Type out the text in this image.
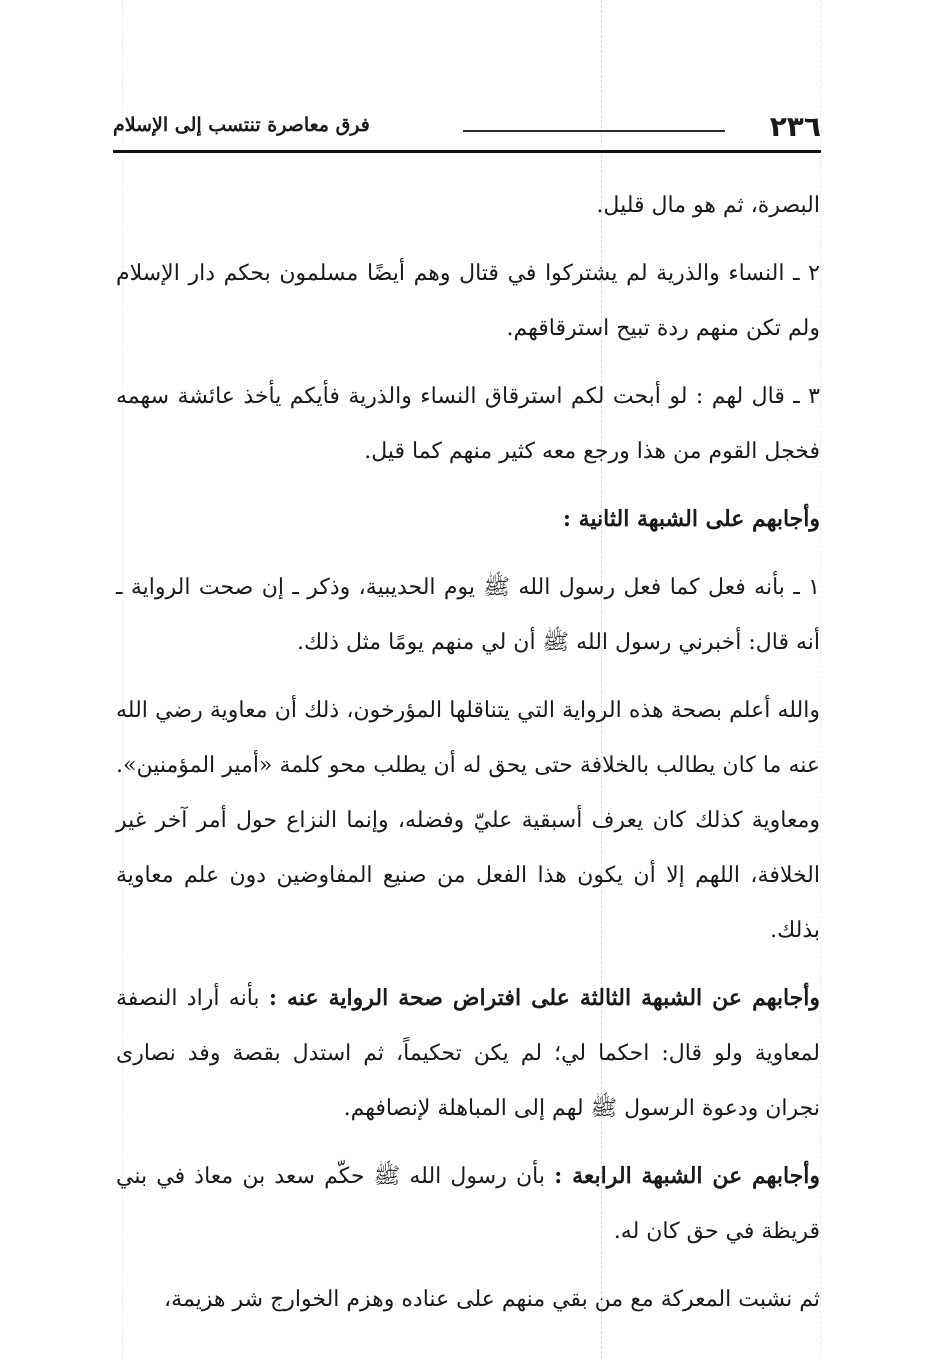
٢٣٦
فرق معاصرة تنتسب إلى الإسلام

البصرة، ثم هو مال قليل.

٢ ـ النساء والذرية لم يشتركوا في قتال وهم أيضًا مسلمون بحكم دار الإسلام ولم تكن منهم ردة تبيح استرقاقهم.

٣ ـ قال لهم : لو أبحت لكم استرقاق النساء والذرية فأيكم يأخذ عائشة سهمه فخجل القوم من هذا ورجع معه كثير منهم كما قيل.

وأجابهم على الشبهة الثانية :

١ ـ بأنه فعل كما فعل رسول الله ﷺ يوم الحديبية، وذكر ـ إن صحت الرواية ـ أنه قال: أخبرني رسول الله ﷺ أن لي منهم يومًا مثل ذلك.

والله أعلم بصحة هذه الرواية التي يتناقلها المؤرخون، ذلك أن معاوية رضي الله عنه ما كان يطالب بالخلافة حتى يحق له أن يطلب محو كلمة «أمير المؤمنين». ومعاوية كذلك كان يعرف أسبقية عليّ وفضله، وإنما النزاع حول أمر آخر غير الخلافة، اللهم إلا أن يكون هذا الفعل من صنيع المفاوضين دون علم معاوية بذلك.

وأجابهم عن الشبهة الثالثة على افتراض صحة الرواية عنه : بأنه أراد النصفة لمعاوية ولو قال: احكما لي؛ لم يكن تحكيماً، ثم استدل بقصة وفد نصارى نجران ودعوة الرسول ﷺ لهم إلى المباهلة لإنصافهم.

وأجابهم عن الشبهة الرابعة : بأن رسول الله ﷺ حكّم سعد بن معاذ في بني قريظة في حق كان له.

ثم نشبت المعركة مع من بقي منهم على عناده وهزم الخوارج شر هزيمة،
